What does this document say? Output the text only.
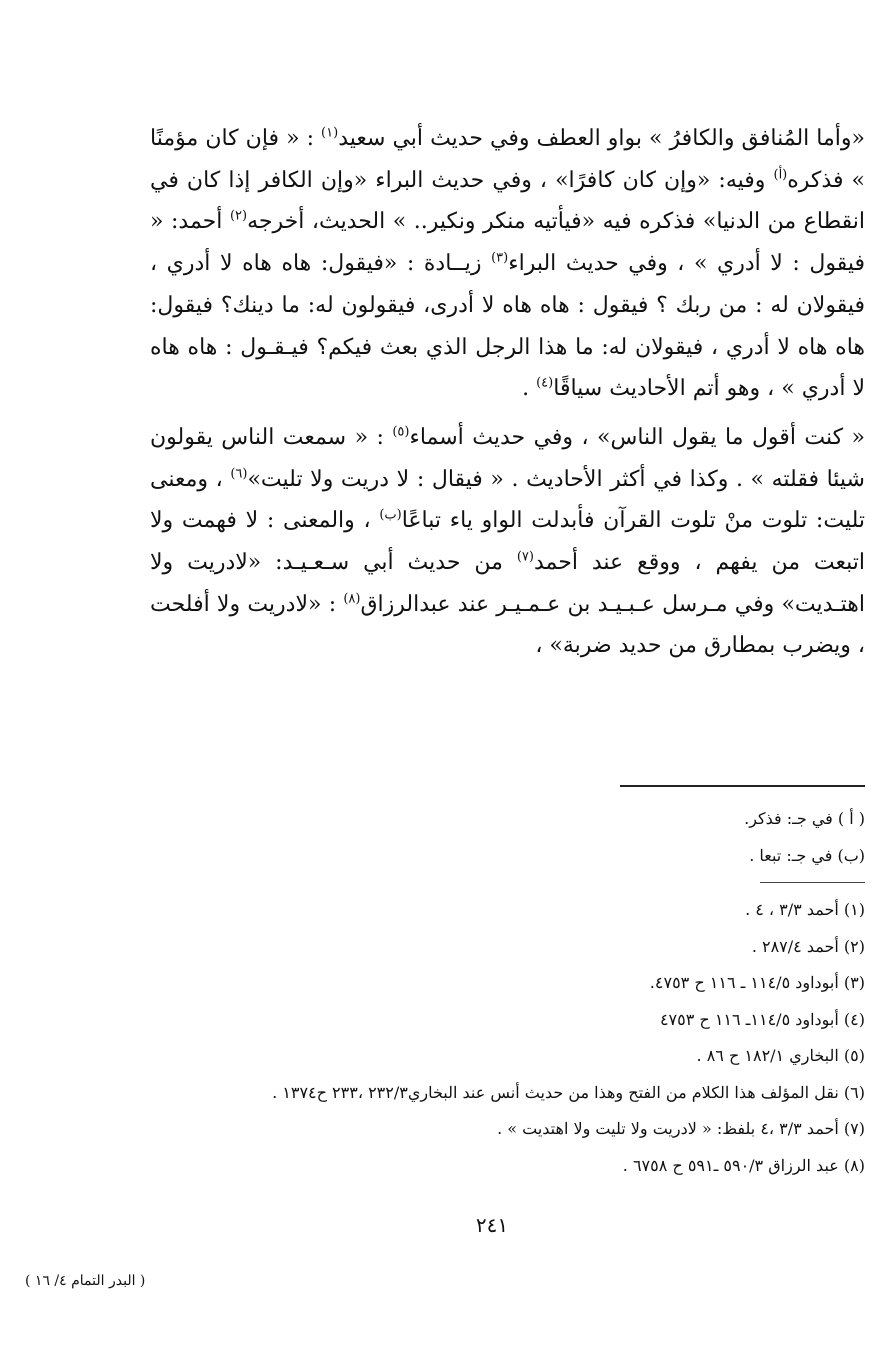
«وأما المُنافق والكافرُ » بواو العطف وفي حديث أبي سعيد$^{(١)}$ : « فإن كان مؤمنًا » فذكره$^{(أ)}$ وفيه: «وإن كان كافرًا» ، وفي حديث البراء «وإن الكافر إذا كان في انقطاع من الدنيا» فذكره فيه «فيأتيه منكر ونكير.. » الحديث، أخرجه$^{(٢)}$ أحمد: « فيقول : لا أدري » ، وفي حديث البراء$^{(٣)}$ زيــادة : «فيقول: هاه هاه لا أدري ، فيقولان له : من ربك ؟ فيقول : هاه هاه لا أدرى، فيقولون له: ما دينك؟ فيقول: هاه هاه لا أدري ، فيقولان له: ما هذا الرجل الذي بعث فيكم؟ فيـقـول : هاه هاه لا أدري » ، وهو أتم الأحاديث سياقًا$^{(٤)}$ .

« كنت أقول ما يقول الناس» ، وفي حديث أسماء$^{(٥)}$ : « سمعت الناس يقولون شيئا فقلته » . وكذا في أكثر الأحاديث . « فيقال : لا دريت ولا تليت»$^{(٦)}$ ، ومعنى تليت: تلوت منْ تلوت القرآن فأبدلت الواو ياء تباعًا$^{(ب)}$ ، والمعنى : لا فهمت ولا اتبعت من يفهم ، ووقع عند أحمد$^{(٧)}$ من حديث أبي سـعـيـد: «لادريت ولا اهتـديت» وفي مـرسل عـبـيـد بن عـمـيـر عند عبدالرزاق$^{(٨)}$ : «لادريت ولا أفلحت ، ويضرب بمطارق من حديد ضربة» ،

( أ ) في جـ: فذكر.

(ب) في جـ: تبعا .

(١) أحمد ٣/٣ ، ٤ .

(٢) أحمد ٢٨٧/٤ .

(٣) أبوداود ١١٤/٥ ـ ١١٦ ح ٤٧٥٣.

(٤) أبوداود ١١٤/٥ـ ١١٦ ح ٤٧٥٣

(٥) البخاري ١٨٢/١ ح ٨٦ .

(٦) نقل المؤلف هذا الكلام من الفتح وهذا من حديث أنس عند البخاري٢٣٢/٣ ،٢٣٣ ح١٣٧٤ .

(٧) أحمد ٣/٣ ،٤ بلفظ: « لادريت ولا تليت ولا اهتديت » .

(٨) عبد الرزاق ٥٩٠/٣ ـ٥٩١ ح ٦٧٥٨ .

٢٤١
( البدر التمام ٤/ ١٦ )
